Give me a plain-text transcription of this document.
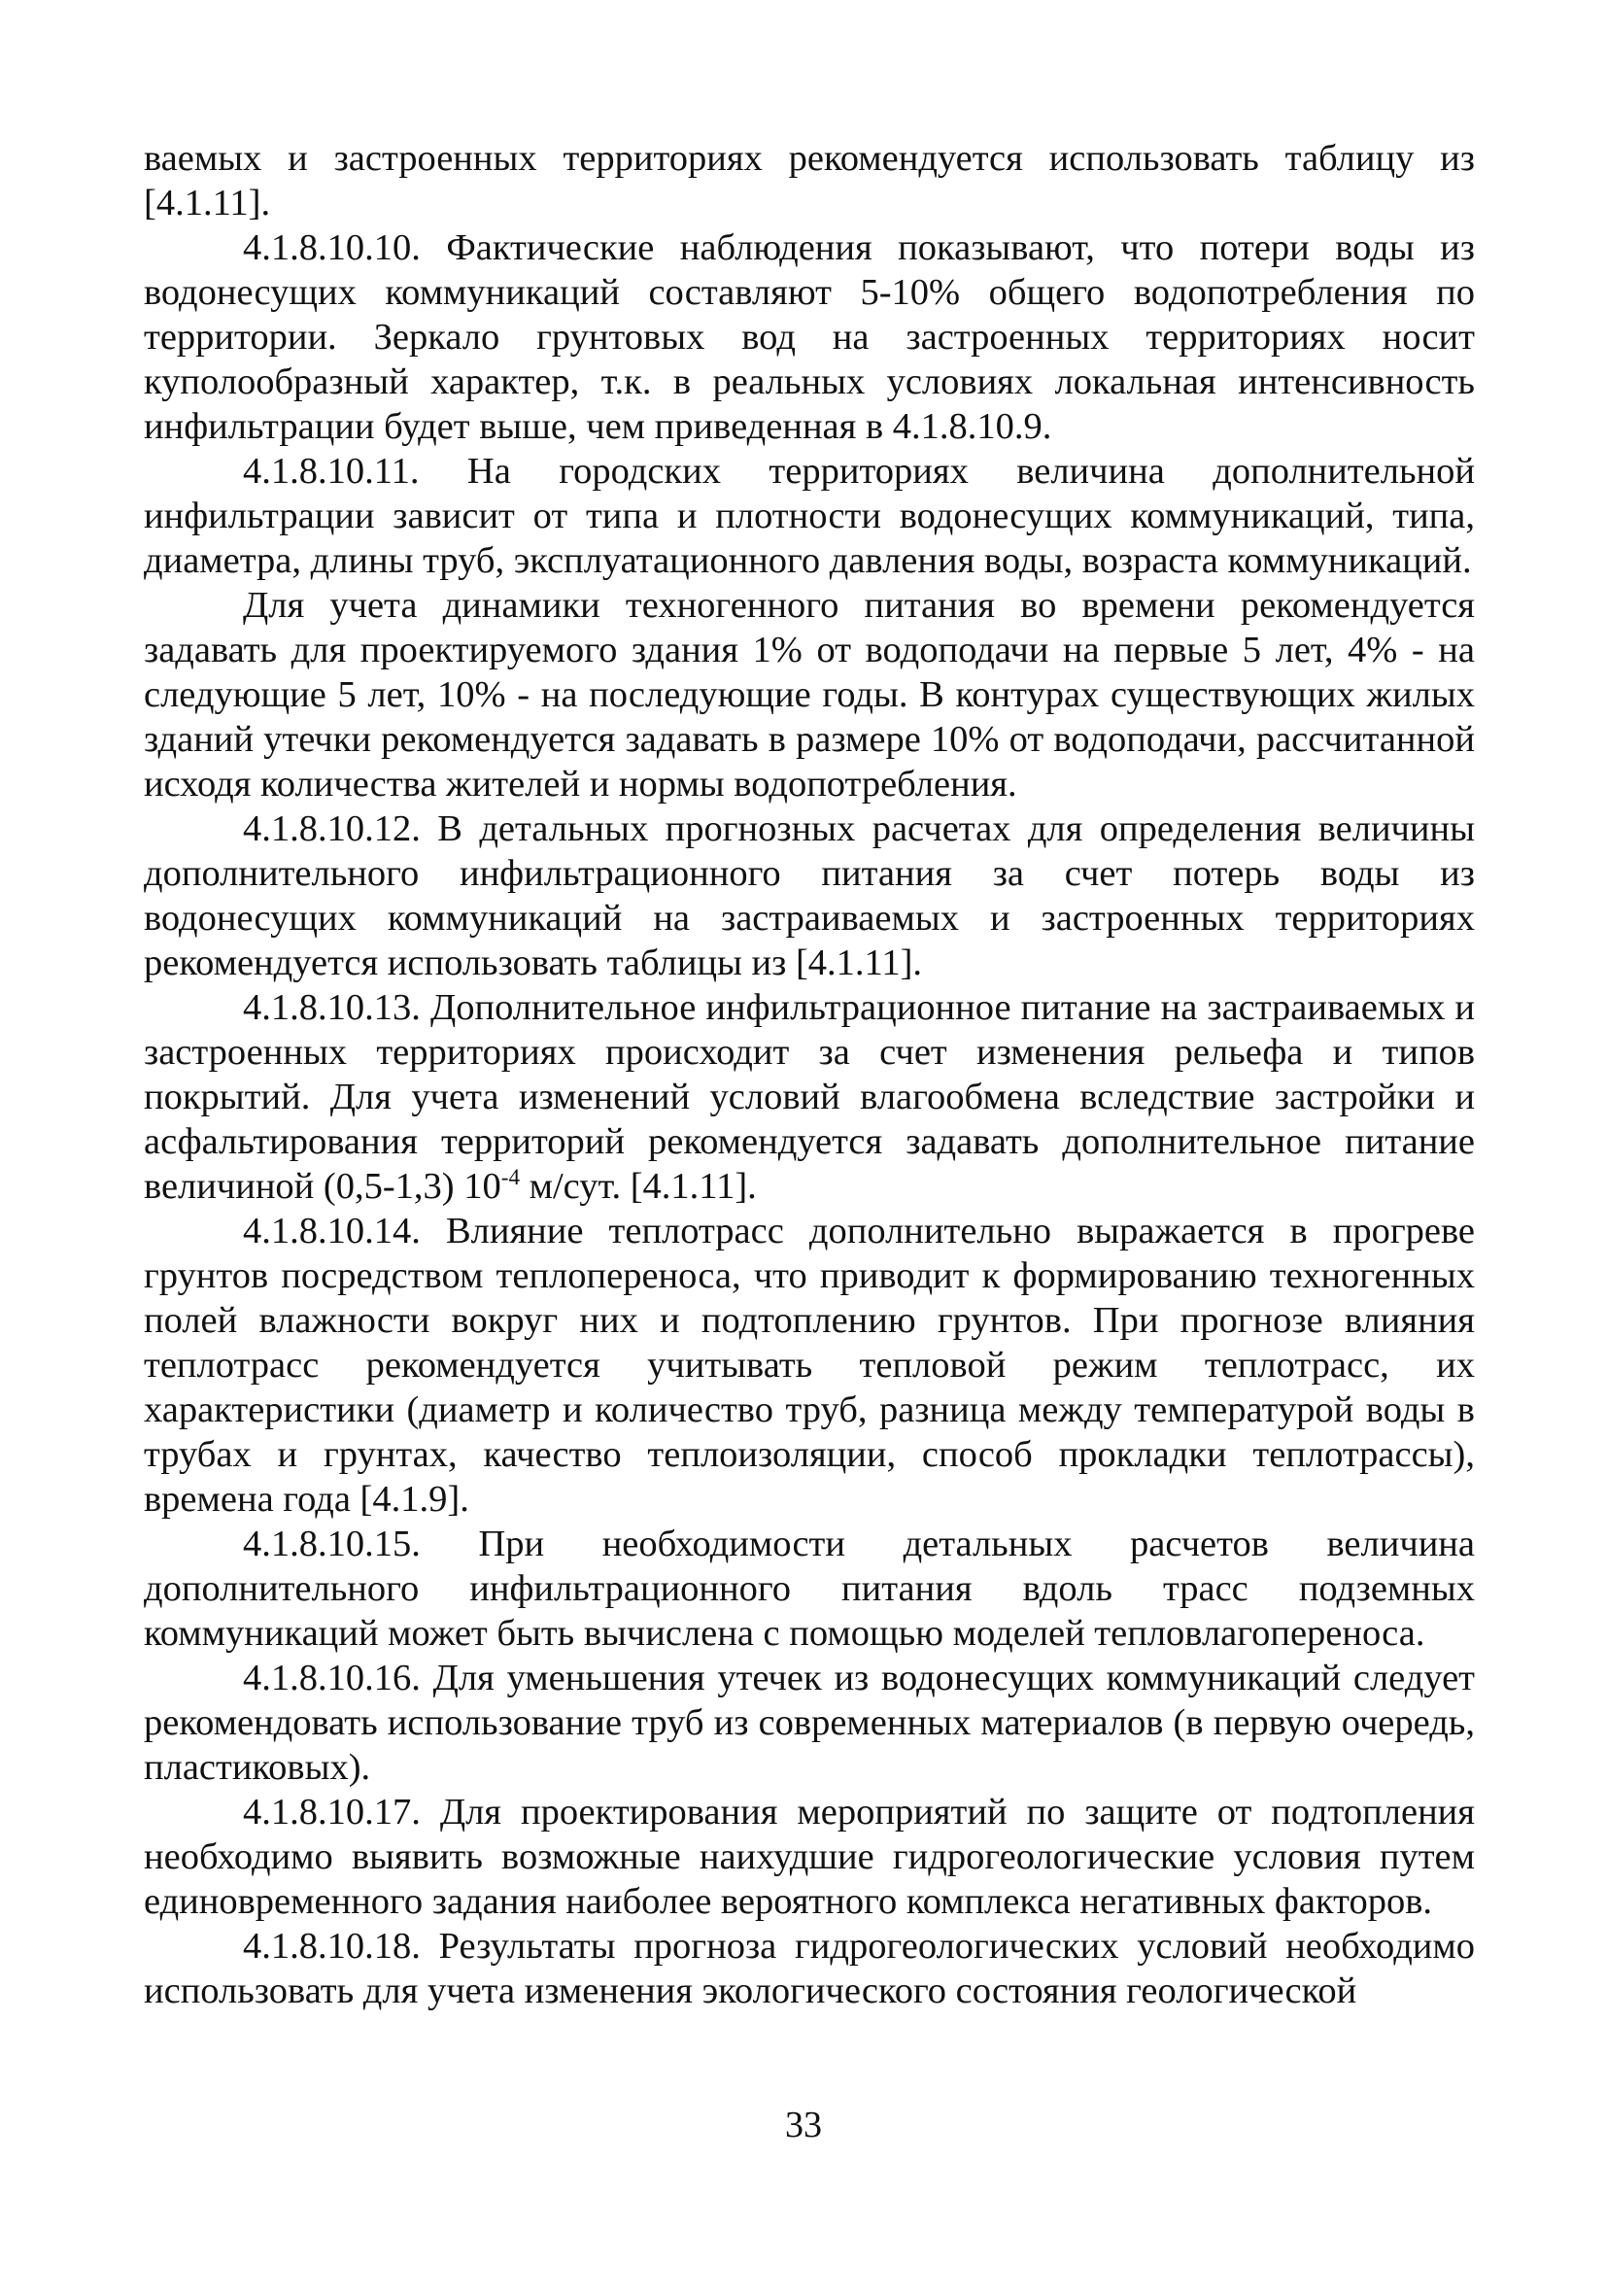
ваемых и застроенных территориях рекомендуется использовать таблицу из [4.1.11].

4.1.8.10.10. Фактические наблюдения показывают, что потери воды из водонесущих коммуникаций составляют 5-10% общего водопотребления по территории. Зеркало грунтовых вод на застроенных территориях носит куполообразный характер, т.к. в реальных условиях локальная интенсивность инфильтрации будет выше, чем приведенная в 4.1.8.10.9.

4.1.8.10.11. На городских территориях величина дополнительной инфильтрации зависит от типа и плотности водонесущих коммуникаций, типа, диаметра, длины труб, эксплуатационного давления воды, возраста коммуникаций.

Для учета динамики техногенного питания во времени рекомендуется задавать для проектируемого здания 1% от водоподачи на первые 5 лет, 4% - на следующие 5 лет, 10% - на последующие годы. В контурах существующих жилых зданий утечки рекомендуется задавать в размере 10% от водоподачи, рассчитанной исходя количества жителей и нормы водопотребления.

4.1.8.10.12. В детальных прогнозных расчетах для определения величины дополнительного инфильтрационного питания за счет потерь воды из водонесущих коммуникаций на застраиваемых и застроенных территориях рекомендуется использовать таблицы из [4.1.11].

4.1.8.10.13. Дополнительное инфильтрационное питание на застраиваемых и застроенных территориях происходит за счет изменения рельефа и типов покрытий. Для учета изменений условий влагообмена вследствие застройки и асфальтирования территорий рекомендуется задавать дополнительное питание величиной (0,5-1,3) $10^{-4}$ м/сут. [4.1.11].

4.1.8.10.14. Влияние теплотрасс дополнительно выражается в прогреве грунтов посредством теплопереноса, что приводит к формированию техногенных полей влажности вокруг них и подтоплению грунтов. При прогнозе влияния теплотрасс рекомендуется учитывать тепловой режим теплотрасс, их характеристики (диаметр и количество труб, разница между температурой воды в трубах и грунтах, качество теплоизоляции, способ прокладки теплотрассы), времена года [4.1.9].

4.1.8.10.15. При необходимости детальных расчетов величина дополнительного инфильтрационного питания вдоль трасс подземных коммуникаций может быть вычислена с помощью моделей тепловлагопереноса.

4.1.8.10.16. Для уменьшения утечек из водонесущих коммуникаций следует рекомендовать использование труб из современных материалов (в первую очередь, пластиковых).

4.1.8.10.17. Для проектирования мероприятий по защите от подтопления необходимо выявить возможные наихудшие гидрогеологические условия путем единовременного задания наиболее вероятного комплекса негативных факторов.

4.1.8.10.18. Результаты прогноза гидрогеологических условий необходимо использовать для учета изменения экологического состояния геологической

33
